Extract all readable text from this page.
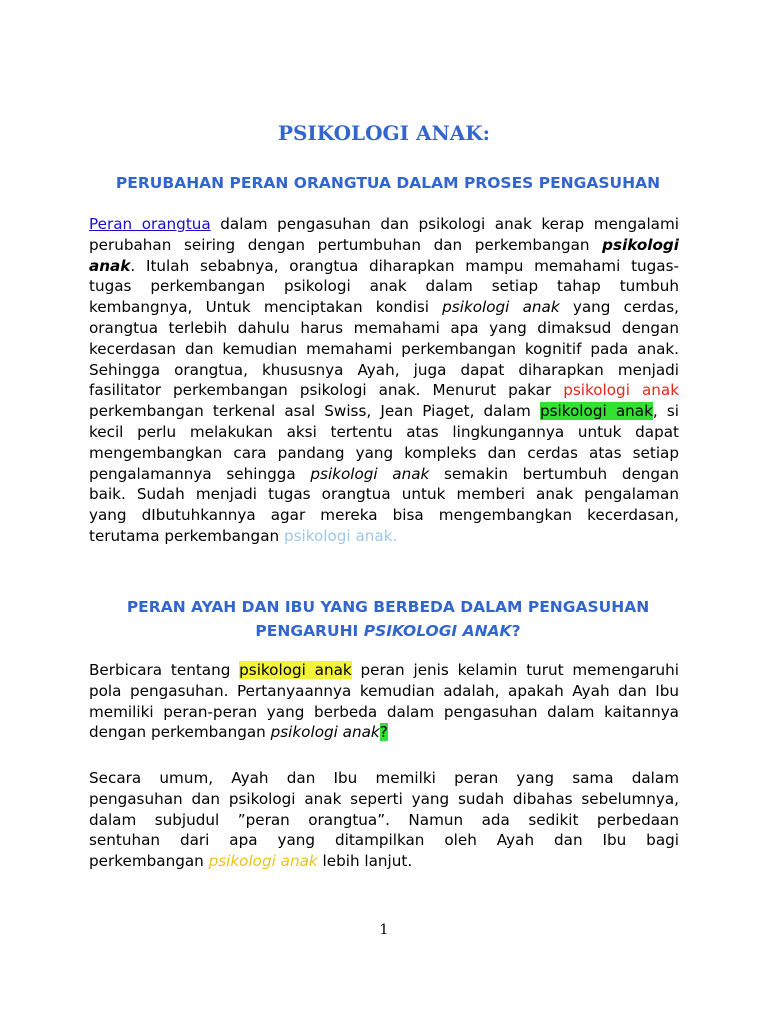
PSIKOLOGI ANAK:
PERUBAHAN PERAN ORANGTUA DALAM PROSES PENGASUHAN
Peran orangtua dalam pengasuhan dan psikologi anak kerap mengalami
perubahan seiring dengan pertumbuhan dan perkembangan psikologi
anak. Itulah sebabnya, orangtua diharapkan mampu memahami tugas-
tugas perkembangan psikologi anak dalam setiap tahap tumbuh
kembangnya, Untuk menciptakan kondisi psikologi anak yang cerdas,
orangtua terlebih dahulu harus memahami apa yang dimaksud dengan
kecerdasan dan kemudian memahami perkembangan kognitif pada anak.
Sehingga orangtua, khususnya Ayah, juga dapat diharapkan menjadi
fasilitator perkembangan psikologi anak. Menurut pakar psikologi anak
perkembangan terkenal asal Swiss, Jean Piaget, dalam psikologi anak, si
kecil perlu melakukan aksi tertentu atas lingkungannya untuk dapat
mengembangkan cara pandang yang kompleks dan cerdas atas setiap
pengalamannya sehingga psikologi anak semakin bertumbuh dengan
baik. Sudah menjadi tugas orangtua untuk memberi anak pengalaman
yang dIbutuhkannya agar mereka bisa mengembangkan kecerdasan,
terutama perkembangan psikologi anak.
PERAN AYAH DAN IBU YANG BERBEDA DALAM PENGASUHAN
PENGARUHI PSIKOLOGI ANAK?
Berbicara tentang psikologi anak peran jenis kelamin turut memengaruhi
pola pengasuhan. Pertanyaannya kemudian adalah, apakah Ayah dan Ibu
memiliki peran-peran yang berbeda dalam pengasuhan dalam kaitannya
dengan perkembangan psikologi anak?
Secara umum, Ayah dan Ibu memilki peran yang sama dalam
pengasuhan dan psikologi anak seperti yang sudah dibahas sebelumnya,
dalam subjudul ”peran orangtua”. Namun ada sedikit perbedaan
sentuhan dari apa yang ditampilkan oleh Ayah dan Ibu bagi
perkembangan psikologi anak lebih lanjut.
1
